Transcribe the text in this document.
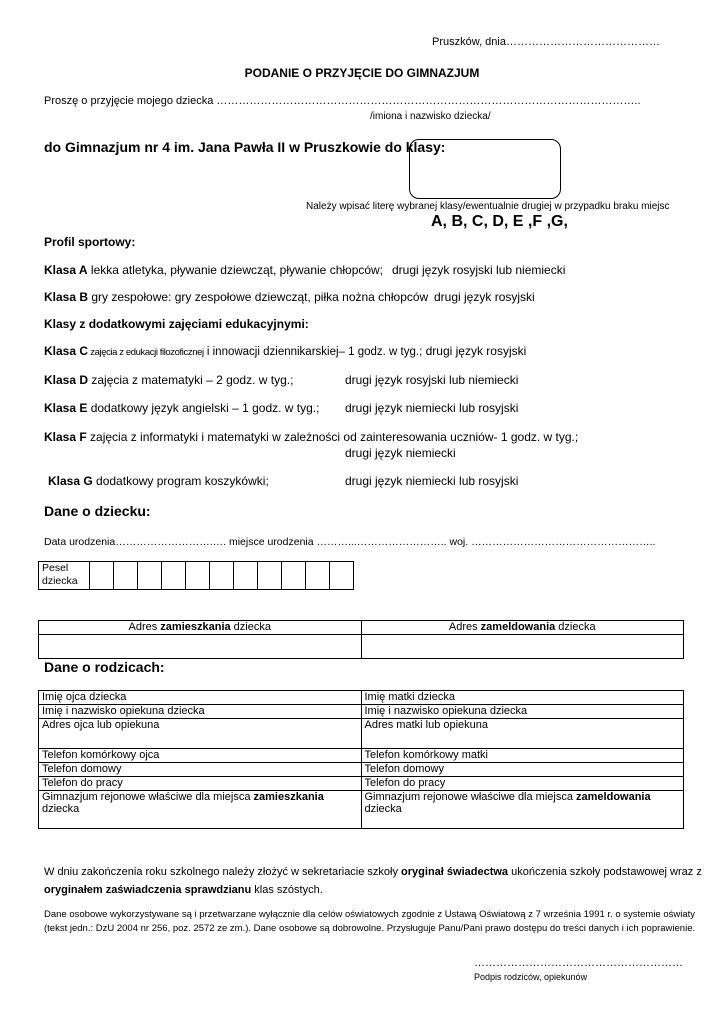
Pruszków, dnia……………………………………
PODANIE O PRZYJĘCIE DO GIMNAZJUM
Proszę o przyjęcie mojego dziecka ……………………………………………………………………………………………………..
/imiona i nazwisko dziecka/
do Gimnazjum nr 4 im. Jana Pawła II w Pruszkowie do klasy:
Należy wpisać literę wybranej klasy/ewentualnie drugiej w przypadku braku miejsc
A, B, C, D, E ,F ,G,
Profil sportowy:
Klasa A lekka atletyka, pływanie dziewcząt, pływanie chłopców; drugi język rosyjski lub niemiecki
Klasa B gry zespołowe: gry zespołowe dziewcząt, piłka nożna chłopców drugi język rosyjski
Klasy z dodatkowymi zajęciami edukacyjnymi:
Klasa C zajęcia z edukacji filozoficznej i innowacji dziennikarskiej– 1 godz. w tyg.; drugi język rosyjski
Klasa D zajęcia z matematyki – 2 godz. w tyg.;	drugi język rosyjski lub niemiecki
Klasa E dodatkowy język angielski – 1 godz. w tyg.; drugi język niemiecki lub rosyjski
Klasa F zajęcia z informatyki i matematyki w zależności od zainteresowania uczniów- 1 godz. w tyg.;
drugi język niemiecki
Klasa G dodatkowy program koszykówki;	drugi język niemiecki lub rosyjski
Dane o dziecku:
Data urodzenia……………………….…. miejsce urodzenia ………...…………………….. woj. ……………………………………………..
Pesel
dziecka											
Adres zamieszkania dziecka	Adres zameldowania dziecka

Dane o rodzicach:
Imię ojca dziecka	Imię matki dziecka
Imię i nazwisko opiekuna dziecka	Imię i nazwisko opiekuna dziecka
Adres ojca lub opiekuna	Adres matki lub opiekuna
Telefon komórkowy ojca	Telefon komórkowy matki
Telefon domowy	Telefon domowy
Telefon do pracy	Telefon do pracy
Gimnazjum rejonowe właściwe dla miejsca zamieszkania dziecka	Gimnazjum rejonowe właściwe dla miejsca zameldowania dziecka
W dniu zakończenia roku szkolnego należy złożyć w sekretariacie szkoły oryginał świadectwa ukończenia szkoły podstawowej wraz z
oryginałem zaświadczenia sprawdzianu klas szóstych.
Dane osobowe wykorzystywane są i przetwarzane wyłącznie dla celów oświatowych zgodnie z Ustawą Oświatową z 7 września 1991 r. o systemie oświaty
(tekst jedn.: DzU 2004 nr 256, poz. 2572 ze zm.). Dane osobowe są dobrowolne. Przysługuje Panu/Pani prawo dostępu do treści danych i ich poprawienie.
…………………………………………………
Podpis rodziców, opiekunów
